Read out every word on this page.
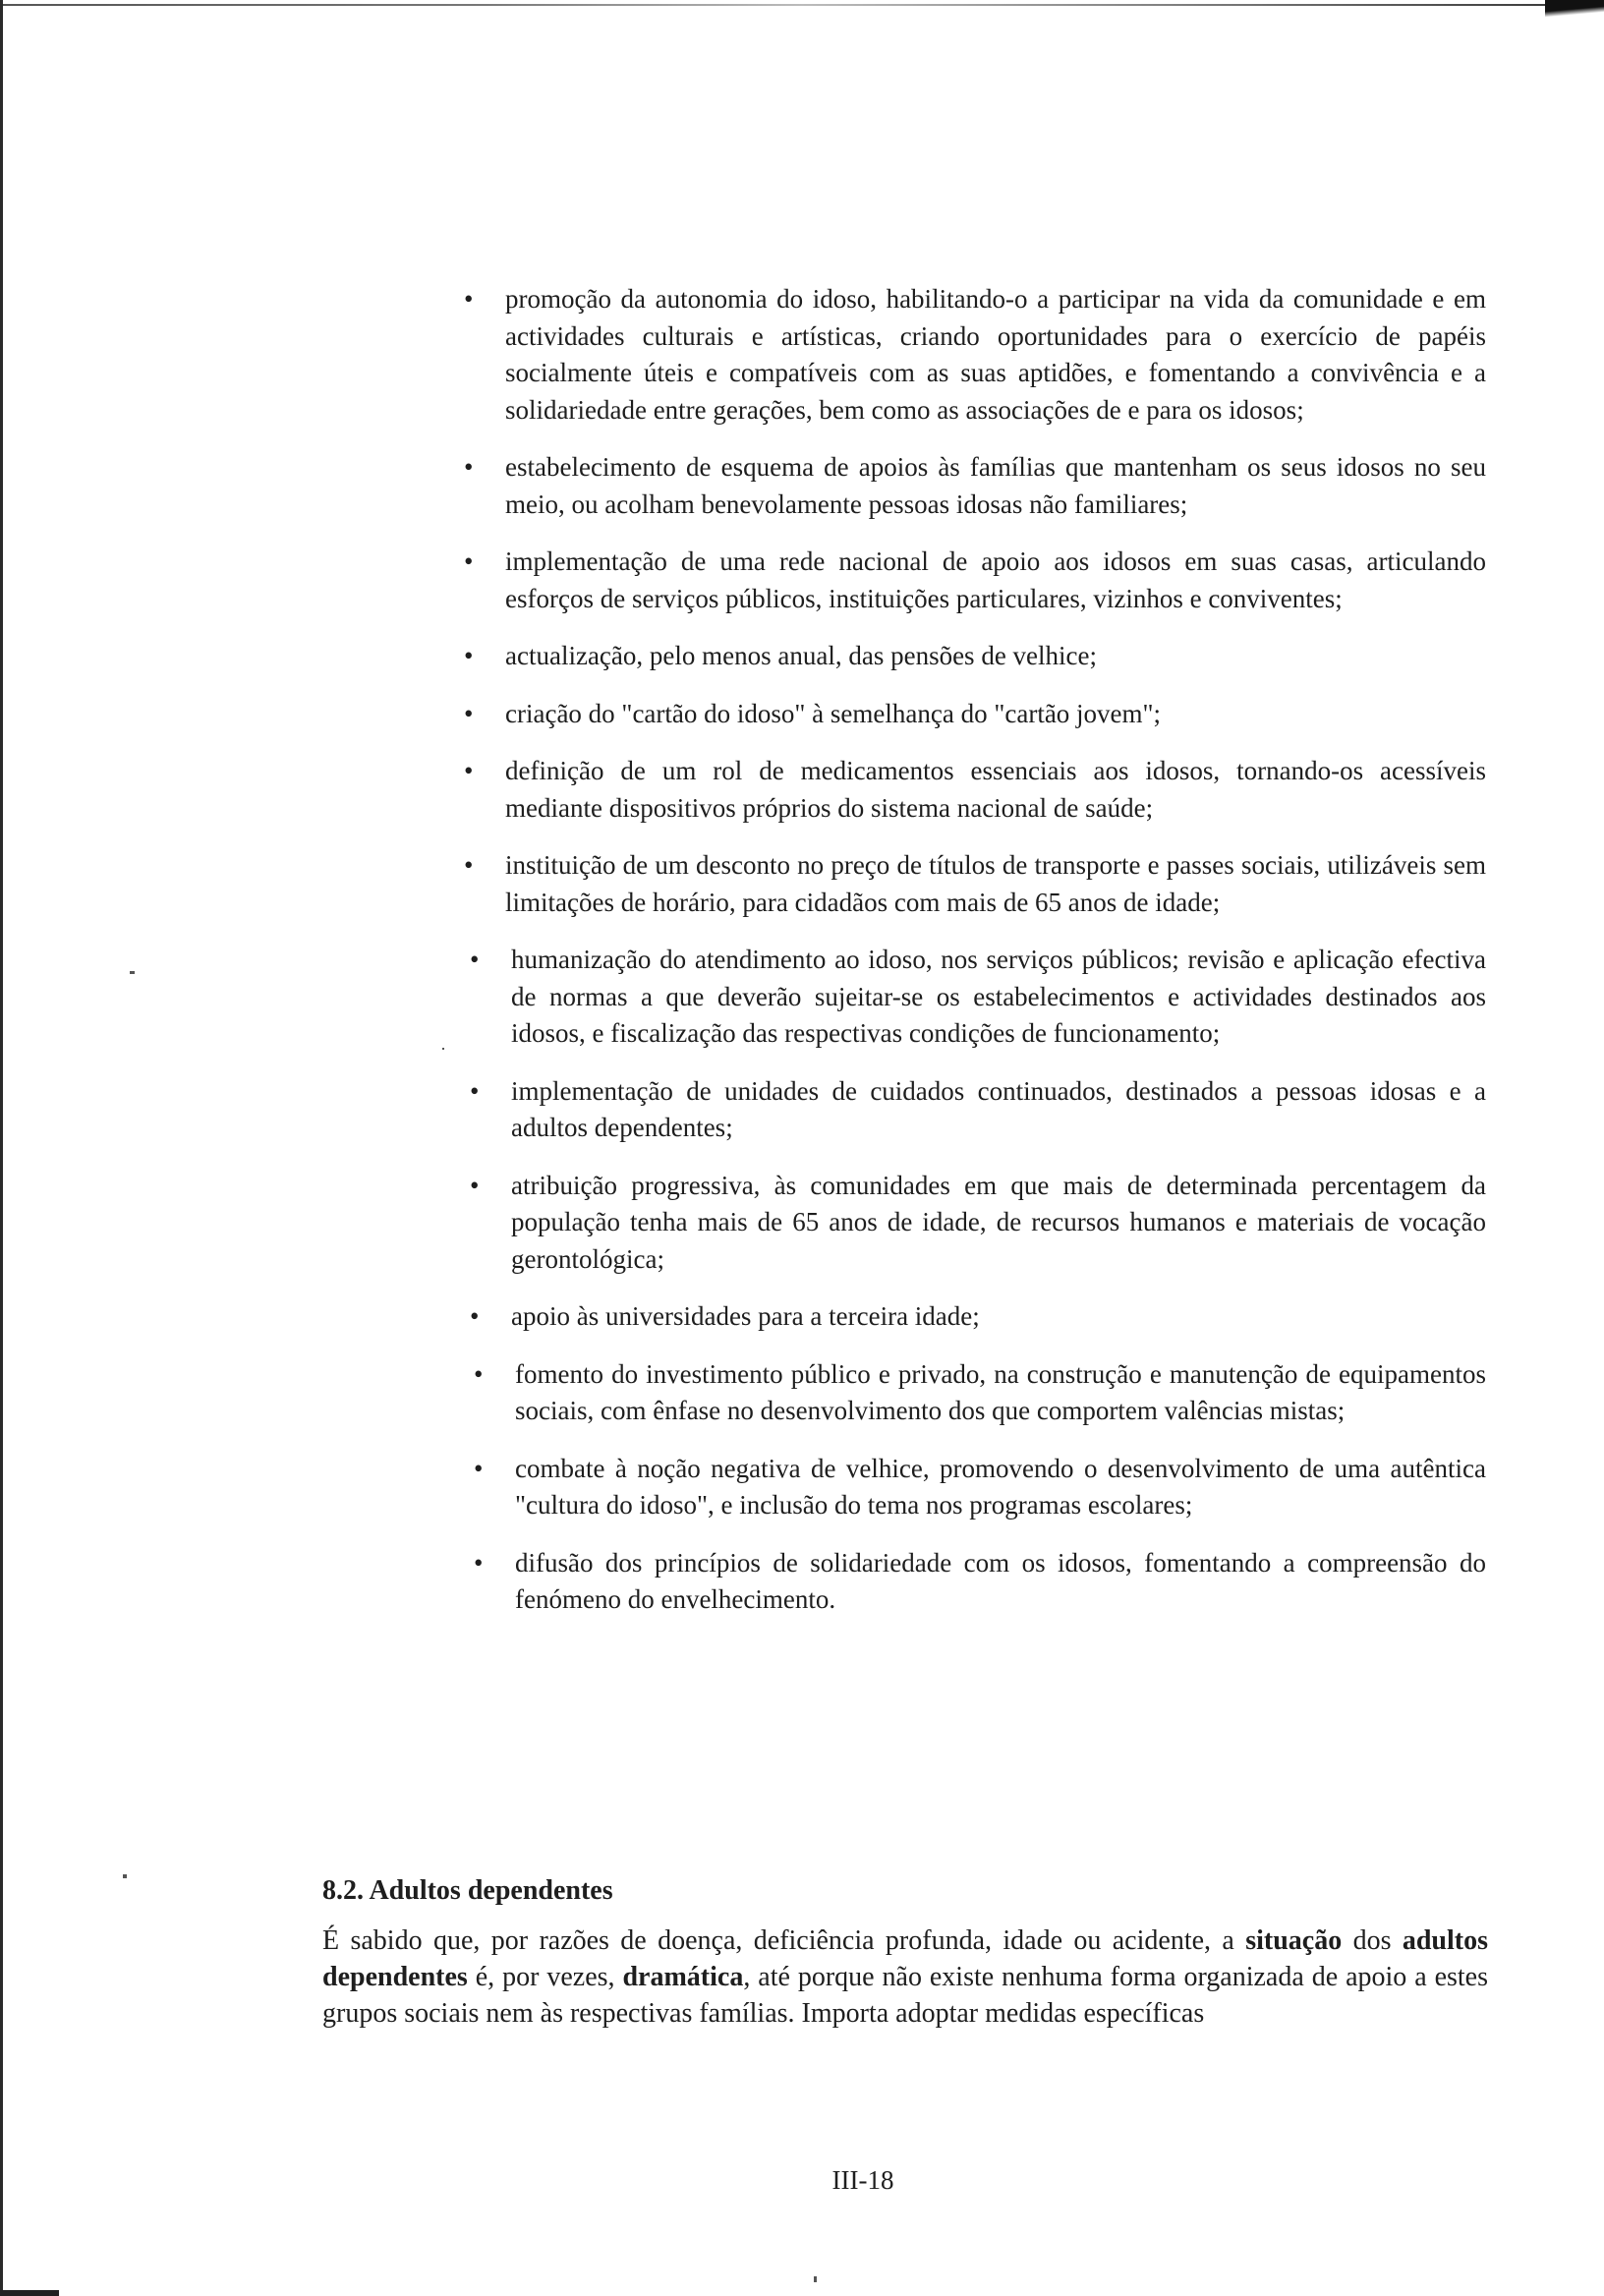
• promoção da autonomia do idoso, habilitando-o a participar na vida da comunidade e em actividades culturais e artísticas, criando oportunidades para o exercício de papéis socialmente úteis e compatíveis com as suas aptidões, e fomentando a convivência e a solidariedade entre gerações, bem como as associações de e para os idosos;
• estabelecimento de esquema de apoios às famílias que mantenham os seus idosos no seu meio, ou acolham benevolamente pessoas idosas não familiares;
• implementação de uma rede nacional de apoio aos idosos em suas casas, articulando esforços de serviços públicos, instituições particulares, vizinhos e conviventes;
• actualização, pelo menos anual, das pensões de velhice;
• criação do "cartão do idoso" à semelhança do "cartão jovem";
• definição de um rol de medicamentos essenciais aos idosos, tornando-os acessíveis mediante dispositivos próprios do sistema nacional de saúde;
• instituição de um desconto no preço de títulos de transporte e passes sociais, utilizáveis sem limitações de horário, para cidadãos com mais de 65 anos de idade;
• humanização do atendimento ao idoso, nos serviços públicos; revisão e aplicação efectiva de normas a que deverão sujeitar-se os estabelecimentos e actividades destinados aos idosos, e fiscalização das respectivas condições de funcionamento;
• implementação de unidades de cuidados continuados, destinados a pessoas idosas e a adultos dependentes;
• atribuição progressiva, às comunidades em que mais de determinada percentagem da população tenha mais de 65 anos de idade, de recursos humanos e materiais de vocação gerontológica;
• apoio às universidades para a terceira idade;
• fomento do investimento público e privado, na construção e manutenção de equipamentos sociais, com ênfase no desenvolvimento dos que comportem valências mistas;
• combate à noção negativa de velhice, promovendo o desenvolvimento de uma autêntica "cultura do idoso", e inclusão do tema nos programas escolares;
• difusão dos princípios de solidariedade com os idosos, fomentando a compreensão do fenómeno do envelhecimento.
8.2. Adultos dependentes

É sabido que, por razões de doença, deficiência profunda, idade ou acidente, a situação dos adultos dependentes é, por vezes, dramática, até porque não existe nenhuma forma organizada de apoio a estes grupos sociais nem às respectivas famílias. Importa adoptar medidas específicas

III-18
